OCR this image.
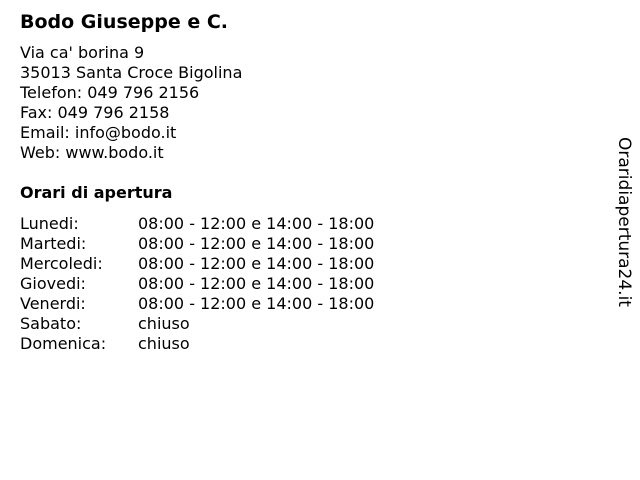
Bodo Giuseppe e C.
Via ca' borina 9
35013 Santa Croce Bigolina
Telefon: 049 796 2156
Fax: 049 796 2158
Email: info@bodo.it
Web: www.bodo.it
Orari di apertura
Lunedi:	08:00 - 12:00 e 14:00 - 18:00
Martedi:	08:00 - 12:00 e 14:00 - 18:00
Mercoledi: 08:00 - 12:00 e 14:00 - 18:00
Giovedi:	08:00 - 12:00 e 14:00 - 18:00
Venerdi:	08:00 - 12:00 e 14:00 - 18:00
Sabato:	chiuso
Domenica: chiuso
Oraridiapertura24.it
